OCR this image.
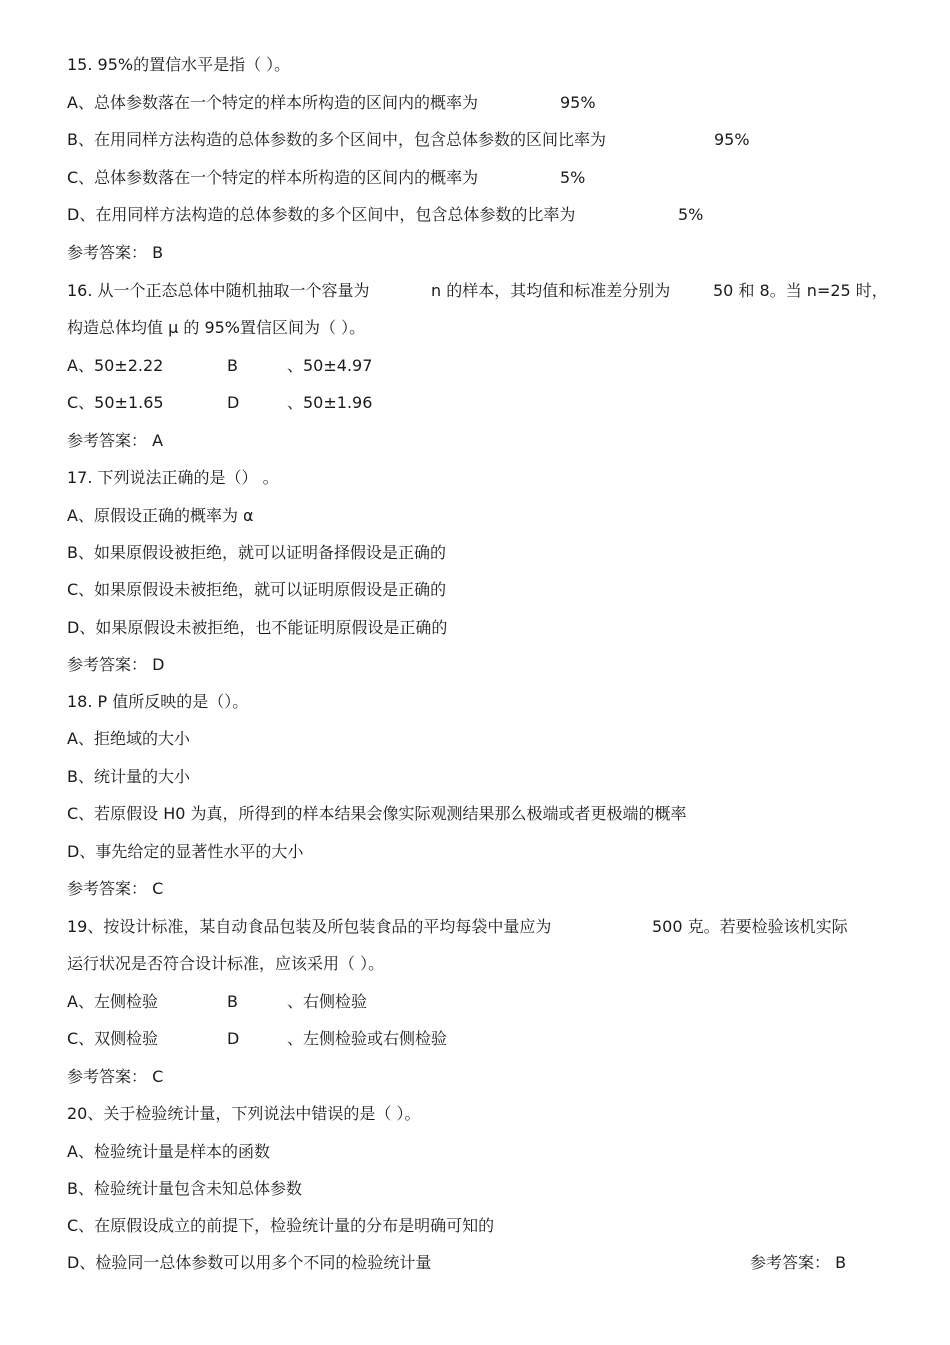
15. 95%的置信水平是指（ ）。
A、总体参数落在一个特定的样本所构造的区间内的概率为	95%
B、在用同样方法构造的总体参数的多个区间中，包含总体参数的区间比率为	95%
C、总体参数落在一个特定的样本所构造的区间内的概率为	5%
D、在用同样方法构造的总体参数的多个区间中，包含总体参数的比率为	5%
参考答案： B
16. 从一个正态总体中随机抽取一个容量为	n 的样本，其均值和标准差分别为	50 和 8。当 n=25 时，
构造总体均值 μ 的 95%置信区间为（ ）。
A、50±2.22	B	、50±4.97
C、50±1.65	D	、50±1.96
参考答案： A
17. 下列说法正确的是（） 。
A、原假设正确的概率为 α
B、如果原假设被拒绝，就可以证明备择假设是正确的
C、如果原假设未被拒绝，就可以证明原假设是正确的
D、如果原假设未被拒绝，也不能证明原假设是正确的
参考答案： D
18. P 值所反映的是（）。
A、拒绝域的大小
B、统计量的大小
C、若原假设 H0 为真，所得到的样本结果会像实际观测结果那么极端或者更极端的概率
D、事先给定的显著性水平的大小
参考答案： C
19、按设计标准，某自动食品包装及所包装食品的平均每袋中量应为	500 克。若要检验该机实际
运行状况是否符合设计标准，应该采用（ ）。
A、左侧检验	B	、右侧检验
C、双侧检验	D	、左侧检验或右侧检验
参考答案： C
20、关于检验统计量，下列说法中错误的是（ ）。
A、检验统计量是样本的函数
B、检验统计量包含未知总体参数
C、在原假设成立的前提下，检验统计量的分布是明确可知的
D、检验同一总体参数可以用多个不同的检验统计量	参考答案： B
